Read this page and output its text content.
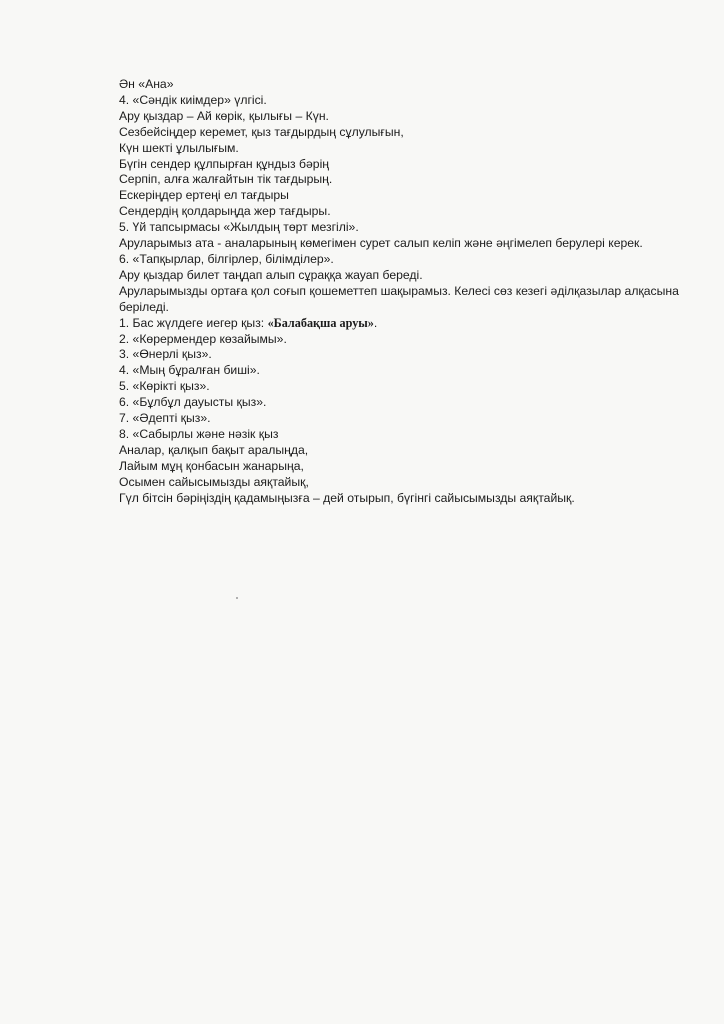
Ән «Ана»
4. «Сәндік киімдер» үлгісі.
Ару қыздар – Ай көрік, қылығы – Күн.
Сезбейсіңдер керемет, қыз тағдырдың сұлулығын,
Күн шекті ұлылығым.
Бүгін сендер құлпырған құндыз бәрің
Серпіп, алға жалғайтын тік тағдырың.
Ескеріңдер ертеңі ел тағдыры
Сендердің қолдарыңда жер тағдыры.
5. Үй тапсырмасы «Жылдың төрт мезгілі».
Аруларымыз ата - аналарының көмегімен сурет салып келіп және әңгімелеп берулері керек.
6. «Тапқырлар, білгірлер, білімділер».
Ару қыздар билет таңдап алып сұраққа жауап береді.
Аруларымызды ортаға қол соғып қошеметтеп шақырамыз. Келесі сөз кезегі әділқазылар алқасына беріледі.
1. Бас жүлдеге иегер қыз: «Балабақша аруы».
2. «Көрермендер көзайымы».
3. «Өнерлі қыз».
4. «Мың бұралған биші».
5. «Көрікті қыз».
6. «Бұлбұл дауысты қыз».
7. «Әдепті қыз».
8. «Сабырлы және нәзік қыз
Аналар, қалқып бақыт аралыңда,
Лайым мұң қонбасын жанарыңа,
Осымен сайысымызды аяқтайық,
Гүл бітсін бәріңіздің қадамыңызға – дей отырып, бүгінгі сайысымызды аяқтайық.
